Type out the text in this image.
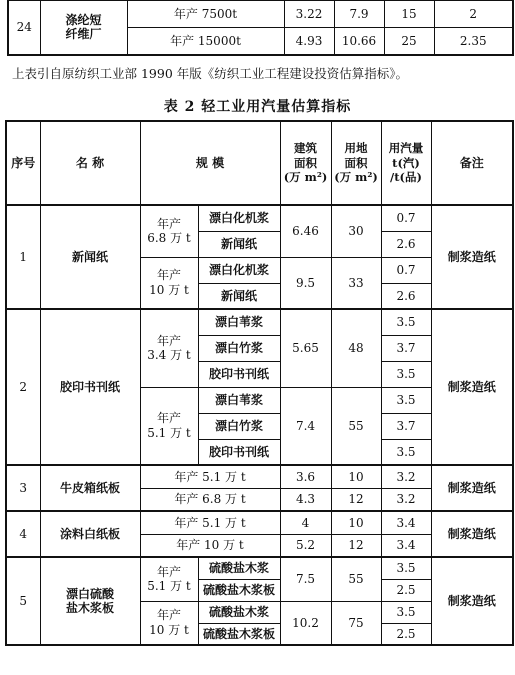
24	涤纶短
纤维厂	年产 7500t	3.22	7.9	15	2
		年产 15000t	4.93	10.66	25	2.35
上表引自原纺织工业部 1990 年版《纺织工业工程建设投资估算指标》。
表 2 轻工业用汽量估算指标
序号	名 称	规 模		建筑
面积
(万 m²)	用地
面积
(万 m²)	用汽量
t(汽)
/t(品)	备注
1	新闻纸	年产
6.8 万 t	漂白化机浆	6.46	30	0.7	制浆造纸
			新闻纸			2.6	
		年产
10 万 t	漂白化机浆	9.5	33	0.7	
			新闻纸			2.6	
2	胶印书刊纸	年产
3.4 万 t	漂白苇浆	5.65	48	3.5	制浆造纸
			漂白竹浆			3.7	
			胶印书刊纸			3.5	
		年产
5.1 万 t	漂白苇浆	7.4	55	3.5	
			漂白竹浆			3.7	
			胶印书刊纸			3.5	
3	牛皮箱纸板	年产 5.1 万 t		3.6	10	3.2	制浆造纸
		年产 6.8 万 t		4.3	12	3.2	
4	涂料白纸板	年产 5.1 万 t		4	10	3.4	制浆造纸
		年产 10 万 t		5.2	12	3.4	
5	漂白硫酸
盐木浆板	年产
5.1 万 t	硫酸盐木浆	7.5	55	3.5	制浆造纸
			硫酸盐木浆板			2.5	
		年产
10 万 t	硫酸盐木浆	10.2	75	3.5	
			硫酸盐木浆板			2.5	
